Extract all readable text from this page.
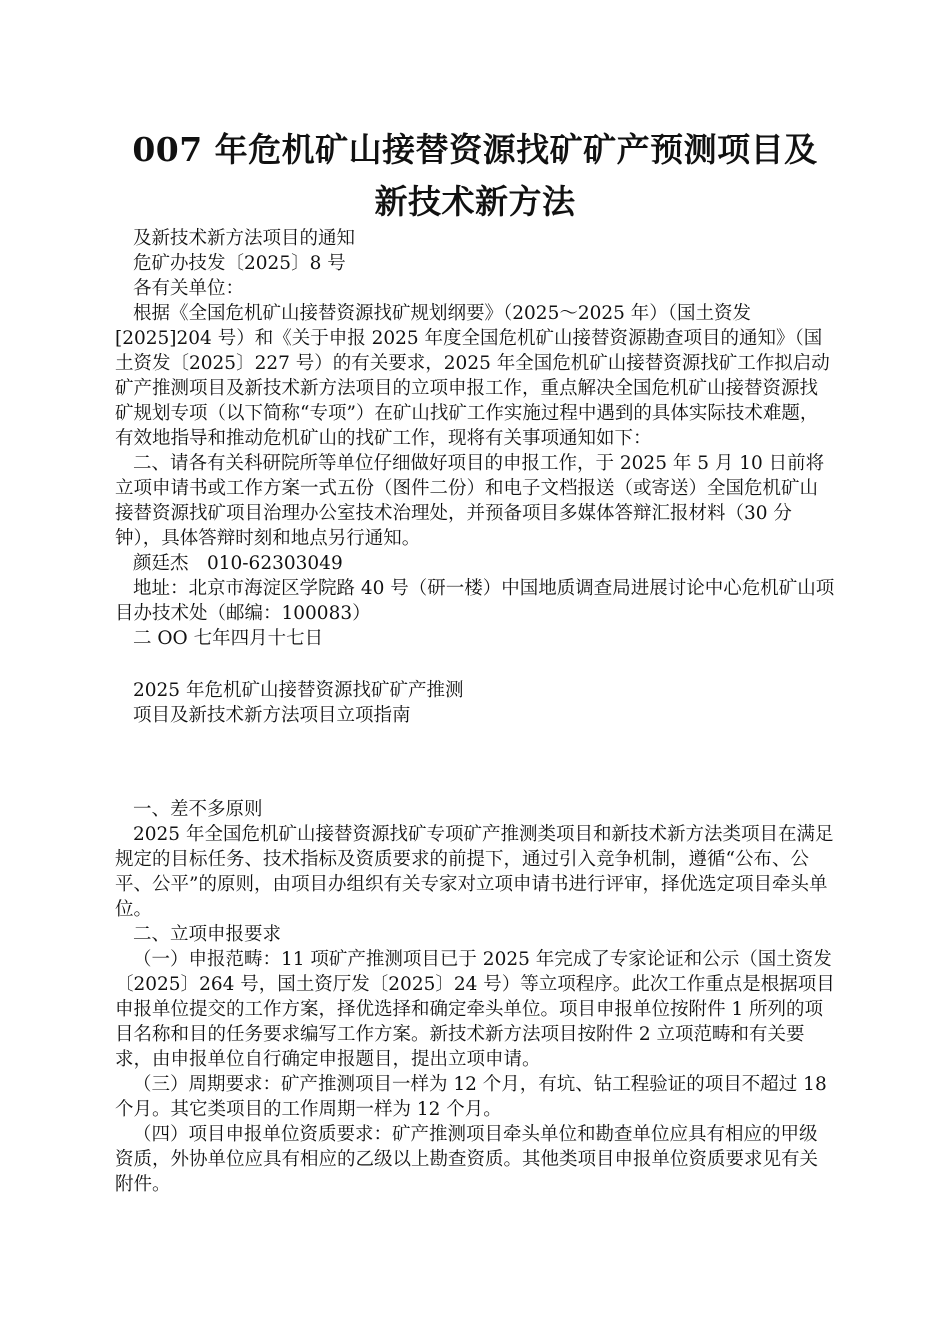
007 年危机矿山接替资源找矿矿产预测项目及
新技术新方法

及新技术新方法项目的通知

危矿办技发〔2025〕8 号

各有关单位：

根据《全国危机矿山接替资源找矿规划纲要》（2025～2025 年）（国土资发[2025]204 号）和《关于申报 2025 年度全国危机矿山接替资源勘查项目的通知》（国土资发〔2025〕227 号）的有关要求，2025 年全国危机矿山接替资源找矿工作拟启动矿产推测项目及新技术新方法项目的立项申报工作，重点解决全国危机矿山接替资源找矿规划专项（以下简称“专项”）在矿山找矿工作实施过程中遇到的具体实际技术难题，有效地指导和推动危机矿山的找矿工作，现将有关事项通知如下：

二、请各有关科研院所等单位仔细做好项目的申报工作，于 2025 年 5 月 10 日前将立项申请书或工作方案一式五份（图件二份）和电子文档报送（或寄送）全国危机矿山接替资源找矿项目治理办公室技术治理处，并预备项目多媒体答辩汇报材料（30 分钟），具体答辩时刻和地点另行通知。

颜廷杰　010-62303049

地址：北京市海淀区学院路 40 号（研一楼）中国地质调查局进展讨论中心危机矿山项目办技术处（邮编：100083）

二 OO 七年四月十七日

2025 年危机矿山接替资源找矿矿产推测

项目及新技术新方法项目立项指南

一、差不多原则

2025 年全国危机矿山接替资源找矿专项矿产推测类项目和新技术新方法类项目在满足规定的目标任务、技术指标及资质要求的前提下，通过引入竞争机制，遵循“公布、公平、公平”的原则，由项目办组织有关专家对立项申请书进行评审，择优选定项目牵头单位。

二、立项申报要求

（一）申报范畴：11 项矿产推测项目已于 2025 年完成了专家论证和公示（国土资发〔2025〕264 号，国土资厅发〔2025〕24 号）等立项程序。此次工作重点是根据项目申报单位提交的工作方案，择优选择和确定牵头单位。项目申报单位按附件 1 所列的项目名称和目的任务要求编写工作方案。新技术新方法项目按附件 2 立项范畴和有关要求，由申报单位自行确定申报题目，提出立项申请。

（三）周期要求：矿产推测项目一样为 12 个月，有坑、钻工程验证的项目不超过 18 个月。其它类项目的工作周期一样为 12 个月。

（四）项目申报单位资质要求：矿产推测项目牵头单位和勘查单位应具有相应的甲级资质，外协单位应具有相应的乙级以上勘查资质。其他类项目申报单位资质要求见有关附件。
